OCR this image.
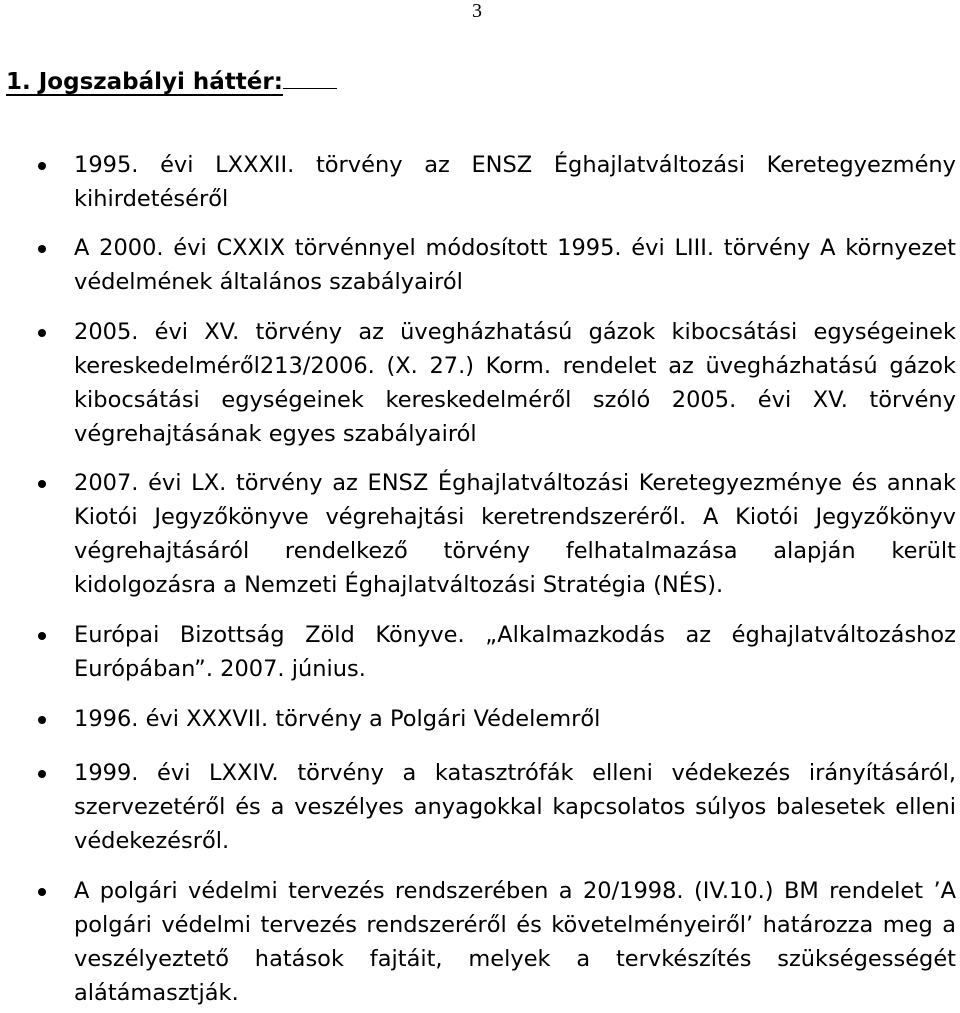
3
1. Jogszabályi háttér:
1995. évi LXXXII. törvény az ENSZ Éghajlatváltozási Keretegyezmény kihirdetéséről
A 2000. évi CXXIX törvénnyel módosított 1995. évi LIII. törvény A környezet védelmének általános szabályairól
2005. évi XV. törvény az üvegházhatású gázok kibocsátási egységeinek kereskedelméről213/2006. (X. 27.) Korm. rendelet az üvegházhatású gázok kibocsátási egységeinek kereskedelméről szóló 2005. évi XV. törvény végrehajtásának egyes szabályairól
2007. évi LX. törvény az ENSZ Éghajlatváltozási Keretegyezménye és annak Kiotói Jegyzőkönyve végrehajtási keretrendszeréről. A Kiotói Jegyzőkönyv végrehajtásáról rendelkező törvény felhatalmazása alapján került kidolgozásra a Nemzeti Éghajlatváltozási Stratégia (NÉS).
Európai Bizottság Zöld Könyve. „Alkalmazkodás az éghajlatváltozáshoz Európában”. 2007. június.
1996. évi XXXVII. törvény a Polgári Védelemről
1999. évi LXXIV. törvény a katasztrófák elleni védekezés irányításáról, szervezetéről és a veszélyes anyagokkal kapcsolatos súlyos balesetek elleni védekezésről.
A polgári védelmi tervezés rendszerében a 20/1998. (IV.10.) BM rendelet ’A polgári védelmi tervezés rendszeréről és követelményeiről’ határozza meg a veszélyeztető hatások fajtáit, melyek a tervkészítés szükségességét alátámasztják.
